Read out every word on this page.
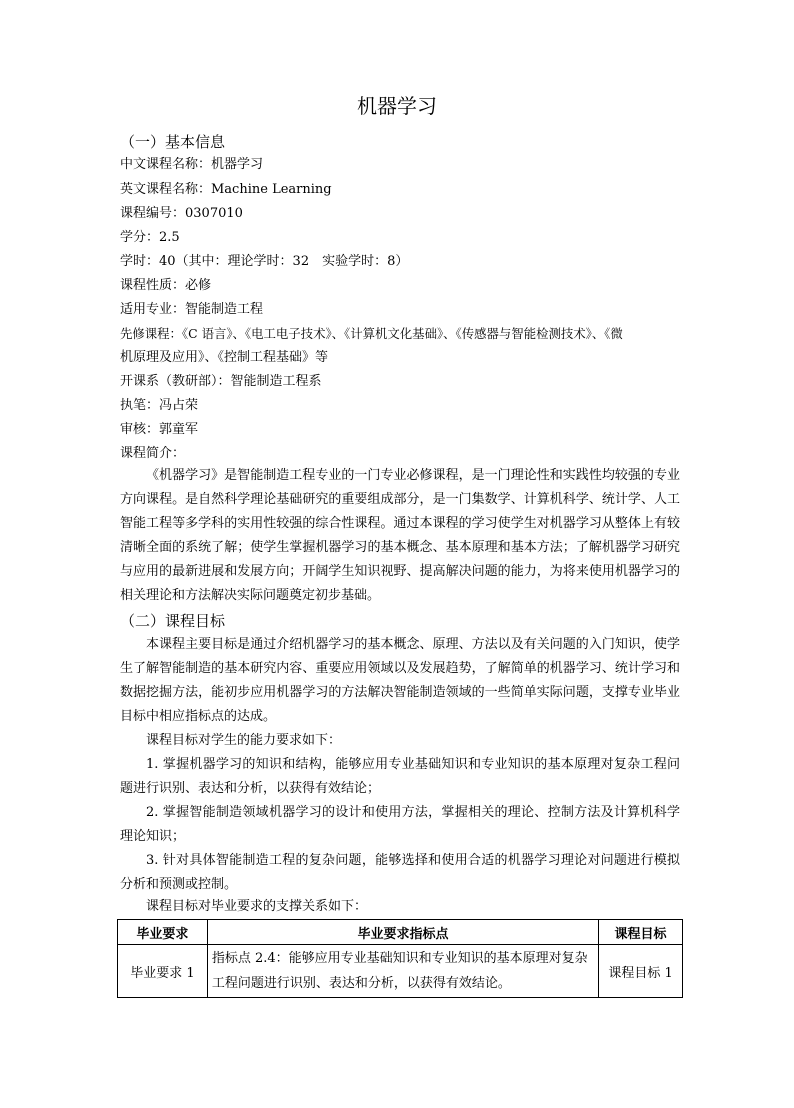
机器学习
（一）基本信息
中文课程名称：机器学习
英文课程名称：Machine Learning
课程编号：0307010
学分：2.5
学时：40（其中：理论学时：32　实验学时：8）
课程性质：必修
适用专业：智能制造工程
先修课程：《C 语言》、《电工电子技术》、《计算机文化基础》、《传感器与智能检测技术》、《微
机原理及应用》、《控制工程基础》等
开课系（教研部）：智能制造工程系
执笔：冯占荣
审核：郭童军
课程简介：
《机器学习》是智能制造工程专业的一门专业必修课程，是一门理论性和实践性均较强的专业方向课程。是自然科学理论基础研究的重要组成部分，是一门集数学、计算机科学、统计学、人工智能工程等多学科的实用性较强的综合性课程。通过本课程的学习使学生对机器学习从整体上有较清晰全面的系统了解；使学生掌握机器学习的基本概念、基本原理和基本方法；了解机器学习研究与应用的最新进展和发展方向；开阔学生知识视野、提高解决问题的能力，为将来使用机器学习的相关理论和方法解决实际问题奠定初步基础。
（二）课程目标
本课程主要目标是通过介绍机器学习的基本概念、原理、方法以及有关问题的入门知识，使学生了解智能制造的基本研究内容、重要应用领域以及发展趋势，了解简单的机器学习、统计学习和数据挖掘方法，能初步应用机器学习的方法解决智能制造领域的一些简单实际问题，支撑专业毕业目标中相应指标点的达成。
课程目标对学生的能力要求如下：
1. 掌握机器学习的知识和结构，能够应用专业基础知识和专业知识的基本原理对复杂工程问题进行识别、表达和分析，以获得有效结论；
2. 掌握智能制造领域机器学习的设计和使用方法，掌握相关的理论、控制方法及计算机科学理论知识；
3. 针对具体智能制造工程的复杂问题，能够选择和使用合适的机器学习理论对问题进行模拟分析和预测或控制。
课程目标对毕业要求的支撑关系如下：
毕业要求	毕业要求指标点	课程目标
毕业要求 1	指标点 2.4：能够应用专业基础知识和专业知识的基本原理对复杂工程问题进行识别、表达和分析，以获得有效结论。	课程目标 1
